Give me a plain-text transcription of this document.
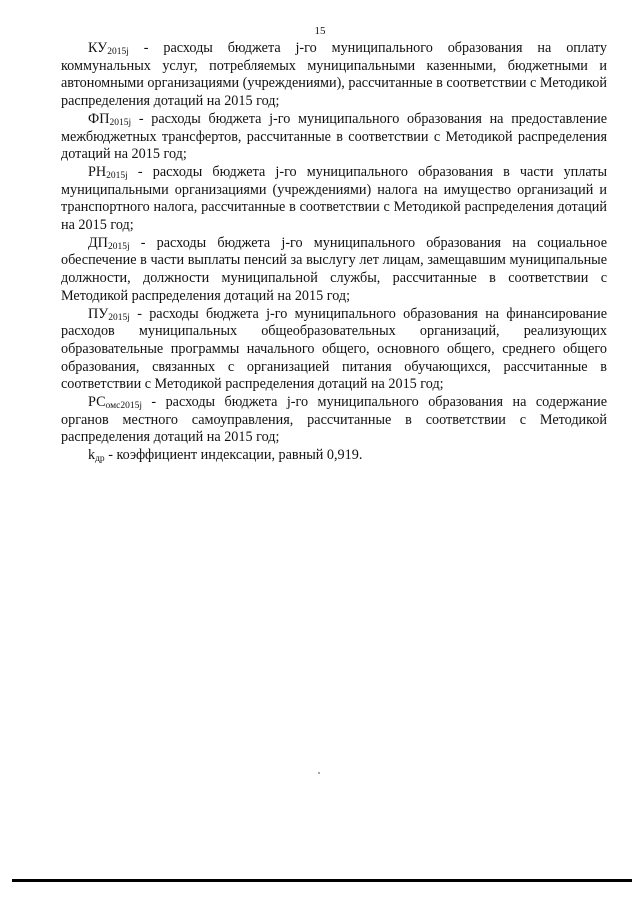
15

$КУ_{2015j}$ - расходы бюджета j-го муниципального образования на оплату коммунальных услуг, потребляемых муниципальными казенными, бюджетными и автономными организациями (учреждениями), рассчитанные в соответствии с Методикой распределения дотаций на 2015 год;

$ФП_{2015j}$ - расходы бюджета j-го муниципального образования на предоставление межбюджетных трансфертов, рассчитанные в соответствии с Методикой распределения дотаций на 2015 год;

$РН_{2015j}$ - расходы бюджета j-го муниципального образования в части уплаты муниципальными организациями (учреждениями) налога на имущество организаций и транспортного налога, рассчитанные в соответствии с Методикой распределения дотаций на 2015 год;

$ДП_{2015j}$ - расходы бюджета j-го муниципального образования на социальное обеспечение в части выплаты пенсий за выслугу лет лицам, замещавшим муниципальные должности, должности муниципальной службы, рассчитанные в соответствии с Методикой распределения дотаций на 2015 год;

$ПУ_{2015j}$ - расходы бюджета j-го муниципального образования на финансирование расходов муниципальных общеобразовательных организаций, реализующих образовательные программы начального общего, основного общего, среднего общего образования, связанных с организацией питания обучающихся, рассчитанные в соответствии с Методикой распределения дотаций на 2015 год;

$РС_{омс2015j}$ - расходы бюджета j-го муниципального образования на содержание органов местного самоуправления, рассчитанные в соответствии с Методикой распределения дотаций на 2015 год;

$k_{др}$ - коэффициент индексации, равный 0,919.
